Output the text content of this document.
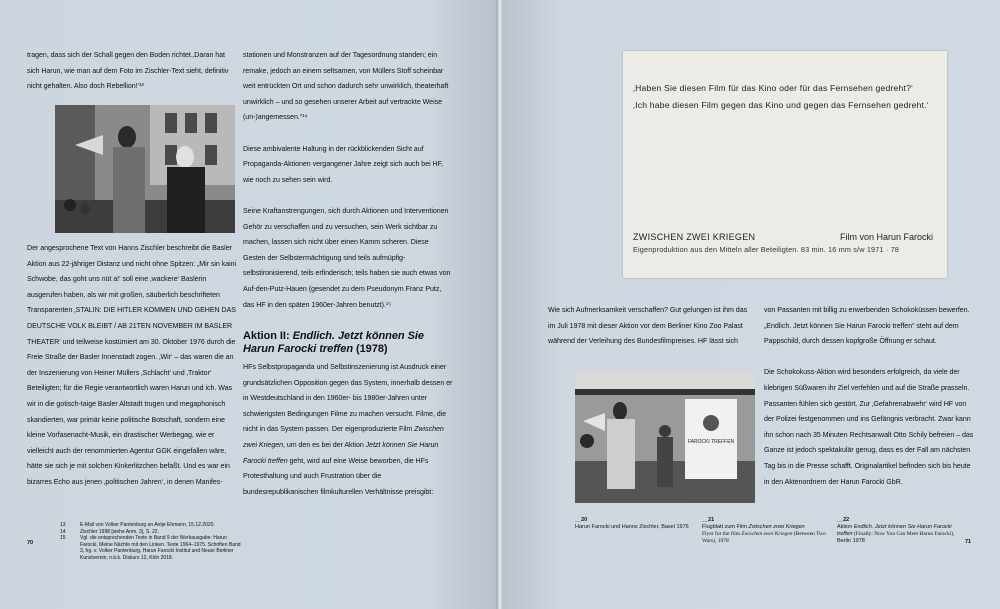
tragen, dass sich der Schall gegen den Boden richtet.‚Daran hat sich Harun, wie man auf dem Foto im Zischler-Text sieht, definitiv nicht gehalten. Also doch Rebellion!‘¹³

Der angesprochene Text von Hanns Zischler beschreibt die Basler Aktion aus 22-jähriger Distanz und nicht ohne Spitzen: „Mir sin kaini Schwobe, das goht uns nüt a!‘ soll eine ‚wackere‘ Baslerin ausgerufen haben, als wir mit großen, säuberlich beschrifteten Transparenten ‚STALIN: DIE HITLER KOMMEN UND GEHEN DAS DEUTSCHE VOLK BLEIBT / AB 21TEN NOVEMBER IM BASLER THEATER‘ und teilweise kostümiert am 30. Oktober 1976 durch die Freie Straße der Basler Innenstadt zogen. ‚Wir‘ – das waren die an der Inszenierung von Heiner Müllers ‚Schlacht‘ und ‚Traktor‘ Beteiligten; für die Regie verantwortlich waren Harun und ich. Was wir in die gotisch-taige Basler Altstadt trugen und megaphonisch skandierten, war primär keine politische Botschaft, sondern eine kleine Vorfasenacht-Musik, ein drastischer Werbegag, wie er vielleicht auch der renommierten Agentur GGK eingefallen wäre, hätte sie sich je mit solchen Kinkerlitzchen befaßt. Und es war ein bizarres Echo aus jenen ‚politischen Jahren‘, in denen Manifes-

stationen und Monstranzen auf der Tagesordnung standen; ein remake, jedoch an einem seltsamen, von Müllers Stoff scheinbar weit entrückten Ort und schon dadurch sehr unwirklich, theaterhaft unwirklich – und so gesehen unserer Arbeit auf vertrackte Weise (un-)angemessen.“¹⁴

Diese ambivalente Haltung in der rückblickenden Sicht auf Propaganda-Aktionen vergangener Jahre zeigt sich auch bei HF, wie noch zu sehen sein wird.

Seine Kraftanstrengungen, sich durch Aktionen und Interventionen Gehör zu verschaffen und zu versuchen, sein Werk sichtbar zu machen, lassen sich nicht über einen Kamm scheren. Diese Gesten der Selbstermächtigung sind teils aufmüpfig-selbstironisierend, teils erfinderisch; teils haben sie auch etwas von Auf-den-Putz-Hauen (gesendet zu dem Pseudonym Franz Putz, das HF in den späten 1960er-Jahren benutzt).¹⁵

Aktion II: Endlich. Jetzt können Sie Harun Farocki treffen (1978)

HFs Selbstpropaganda und Selbstinszenierung ist Ausdruck einer grundsätzlichen Opposition gegen das System, innerhalb dessen er in Westdeutschland in den 1960er- bis 1980er-Jahren unter schwierigsten Bedingungen Filme zu machen versucht. Filme, die nicht in das System passen. Der eigenproduzierte Film Zwischen zwei Kriegen, um den es bei der Aktion Jetzt können Sie Harun Farocki treffen geht, wird auf eine Weise beworben, die HFs Protesthaltung und auch Frustration über die bundesrepublikanischen filmkulturellen Verhältnisse preisgibt:

70
13	E-Mail von Volker Pantenburg an Antje Ehmann, 15.12.2020.
14	Zischler 1998 [siehe Anm. 3], S. 22.
15	Vgl. die entsprechenden Texte in Band 9 der Werkausgabe: Harun Farocki, Meine Nächte mit den Linken. Texte 1964–1975. Schriften Band 3, hg. v. Volker Pantenburg, Harun Farocki Institut und Neuer Berliner Kunstverein, n.b.k. Diskurs 12, Köln 2018.
‚Haben Sie diesen Film für das Kino oder für das Fernsehen gedreht?‘
‚Ich habe diesen Film gegen das Kino und gegen das Fernsehen gedreht.‘
ZWISCHEN ZWEI KRIEGEN	Film von Harun Farocki
Eigenproduktion aus den Mitteln aller Beteiligten. 83 min. 16 mm s/w 1971 · 78

Wie sich Aufmerksamkeit verschaffen? Gut gelungen ist ihm das im Juli 1978 mit dieser Aktion vor dem Berliner Kino Zoo Palast während der Verleihung des Bundesfilmpreises. HF lässt sich

von Passanten mit billig zu erwerbenden Schokoküssen bewerfen. „Endlich. Jetzt können Sie Harun Farocki treffen“ steht auf dem Pappschild, durch dessen kopfgroße Öffnung er schaut.

Die Schokokuss-Aktion wird besonders erfolgreich, da viele der klebrigen Süßwaren ihr Ziel verfehlen und auf die Straße prasseln. Passanten fühlen sich gestört. Zur ‚Gefahrenabwehr‘ wird HF von der Polizei festgenommen und ins Gefängnis verbracht. Zwar kann ihn schon nach 35 Minuten Rechtsanwalt Otto Schily befreien – das Ganze ist jedoch spektakulär genug, dass es der Fall am nächsten Tag bis in die Presse schafft. Originalartikel befinden sich bis heute in den Aktenordnern der Harun Farocki GbR.

FAROCKI TREFFEN
__20
Harun Farocki und Hanns Zischler, Basel 1976
__21
Flugblatt zum Film Zwischen zwei Kriegen
Flyer for the film Zwischen zwei Kriegen (Between Two Wars), 1978
__22
Aktion Endlich. Jetzt können Sie Harun Farocki treffen (Finally: Now You Can Meet Harun Farocki), Berlin 1978	71
